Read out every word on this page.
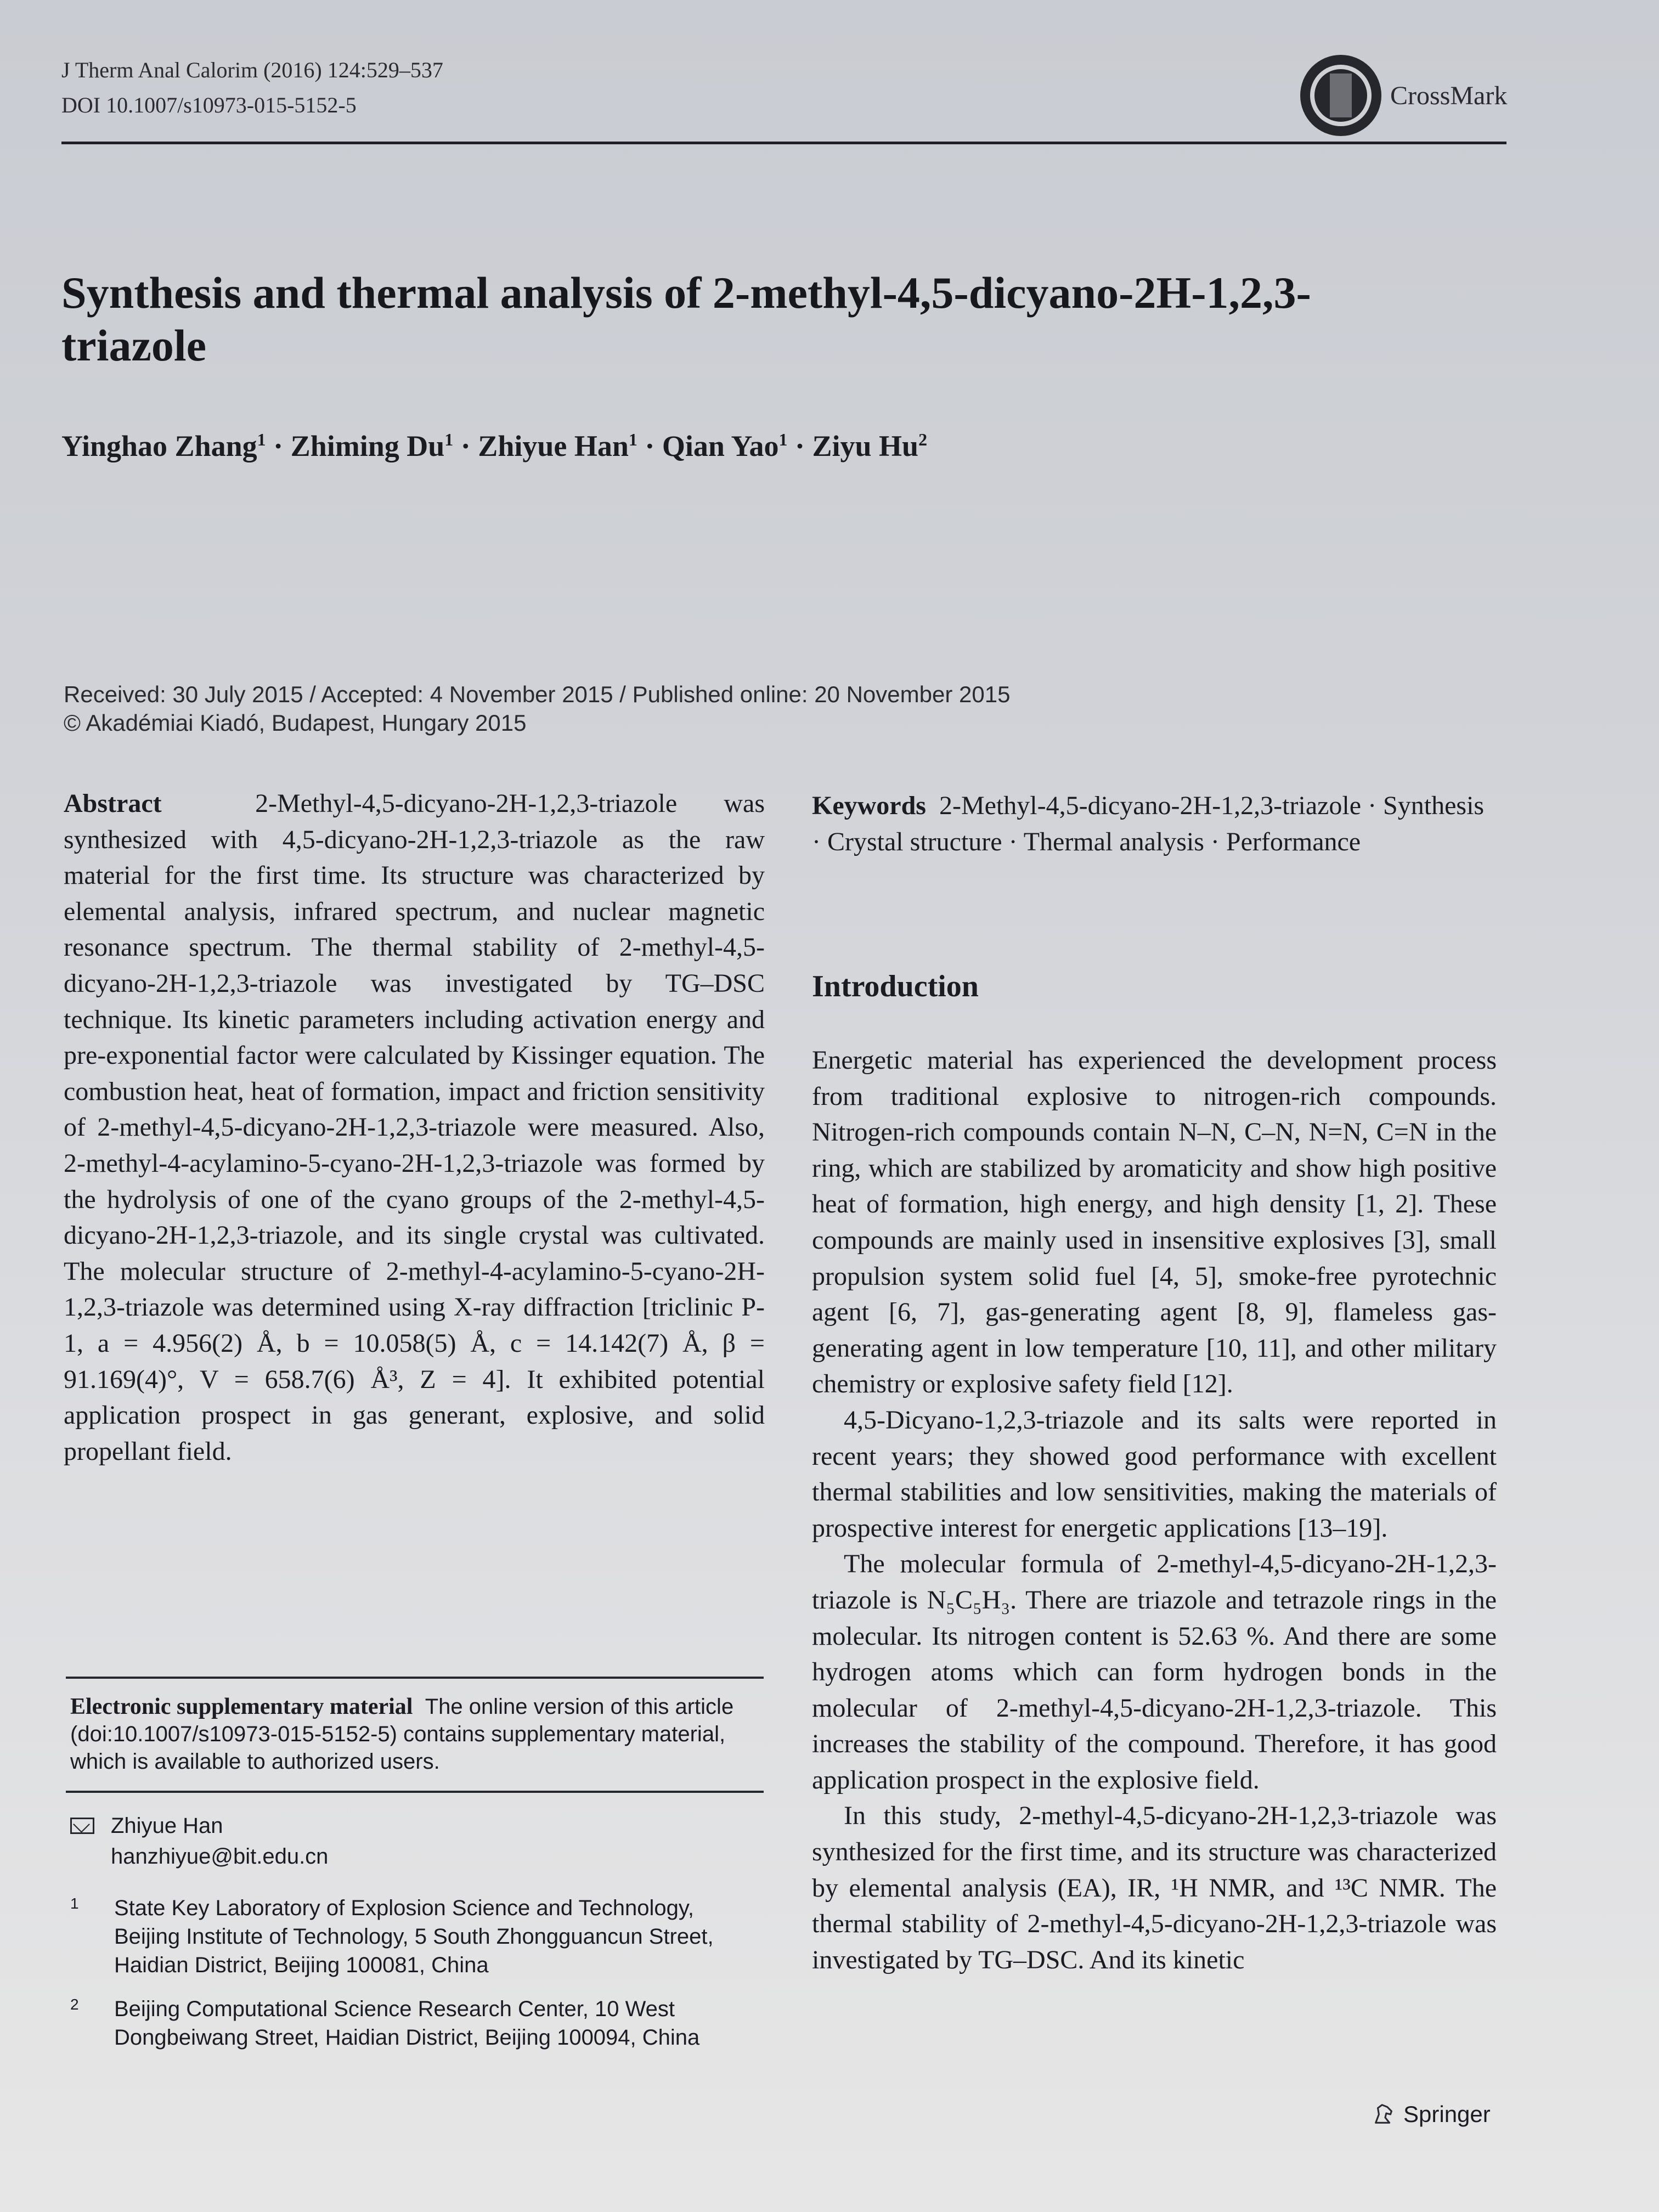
J Therm Anal Calorim (2016) 124:529–537
DOI 10.1007/s10973-015-5152-5	CrossMark
Synthesis and thermal analysis of 2-methyl-4,5-dicyano-2H-1,2,3-triazole
Yinghao Zhang$^1$ · Zhiming $Du^1$ · Zhiyue Han$^1$ · Qian Yao$^1$ · Ziyu Hu$^2$
Received: 30 July 2015 / Accepted: 4 November 2015 / Published online: 20 November 2015
© Akadémiai Kiadó, Budapest, Hungary 2015

Abstract	2-Methyl-4,5-dicyano-2H-1,2,3-triazole was synthesized with 4,5-dicyano-2H-1,2,3-triazole as the raw material for the first time. Its structure was characterized by elemental analysis, infrared spectrum, and nuclear magnetic resonance spectrum. The thermal stability of 2-methyl-4,5-dicyano-2H-1,2,3-triazole was investigated by TG–DSC technique. Its kinetic parameters including activation energy and pre-exponential factor were calculated by Kissinger equation. The combustion heat, heat of formation, impact and friction sensitivity of 2-methyl-4,5-dicyano-2H-1,2,3-triazole were measured. Also, 2-methyl-4-acylamino-5-cyano-2H-1,2,3-triazole was formed by the hydrolysis of one of the cyano groups of the 2-methyl-4,5-dicyano-2H-1,2,3-triazole, and its single crystal was cultivated. The molecular structure of 2-methyl-4-acylamino-5-cyano-2H-1,2,3-triazole was determined using X-ray diffraction [triclinic P-1, a = 4.956(2) Å, b = 10.058(5) Å, c = 14.142(7) Å, β = 91.169(4)°, V = 658.7(6) Å³, Z = 4]. It exhibited potential application prospect in gas generant, explosive, and solid propellant field.

Keywords 2-Methyl-4,5-dicyano-2H-1,2,3-triazole · Synthesis · Crystal structure · Thermal analysis · Performance

Introduction

Energetic material has experienced the development process from traditional explosive to nitrogen-rich compounds. Nitrogen-rich compounds contain N–N, C–N, N=N, C=N in the ring, which are stabilized by aromaticity and show high positive heat of formation, high energy, and high density [1, 2]. These compounds are mainly used in insensitive explosives [3], small propulsion system solid fuel [4, 5], smoke-free pyrotechnic agent [6, 7], gas-generating agent [8, 9], flameless gas-generating agent in low temperature [10, 11], and other military chemistry or explosive safety field [12].

4,5-Dicyano-1,2,3-triazole and its salts were reported in recent years; they showed good performance with excellent thermal stabilities and low sensitivities, making the materials of prospective interest for energetic applications [13–19].

The molecular formula of 2-methyl-4,5-dicyano-2H-1,2,3-triazole is N₅C₅H₃. There are triazole and tetrazole rings in the molecular. Its nitrogen content is 52.63 %. And there are some hydrogen atoms which can form hydrogen bonds in the molecular of 2-methyl-4,5-dicyano-2H-1,2,3-triazole. This increases the stability of the compound. Therefore, it has good application prospect in the explosive field.

In this study, 2-methyl-4,5-dicyano-2H-1,2,3-triazole was synthesized for the first time, and its structure was characterized by elemental analysis (EA), IR, ¹H NMR, and ¹³C NMR. The thermal stability of 2-methyl-4,5-dicyano-2H-1,2,3-triazole was investigated by TG–DSC. And its kinetic

Electronic supplementary material The online version of this article (doi:10.1007/s10973-015-5152-5) contains supplementary material, which is available to authorized users.
Zhiyue Han
hanzhiyue@bit.edu.cn
1	State Key Laboratory of Explosion Science and Technology, Beijing Institute of Technology, 5 South Zhongguancun Street, Haidian District, Beijing 100081, China
2	Beijing Computational Science Research Center, 10 West Dongbeiwang Street, Haidian District, Beijing 100094, China
Springer
